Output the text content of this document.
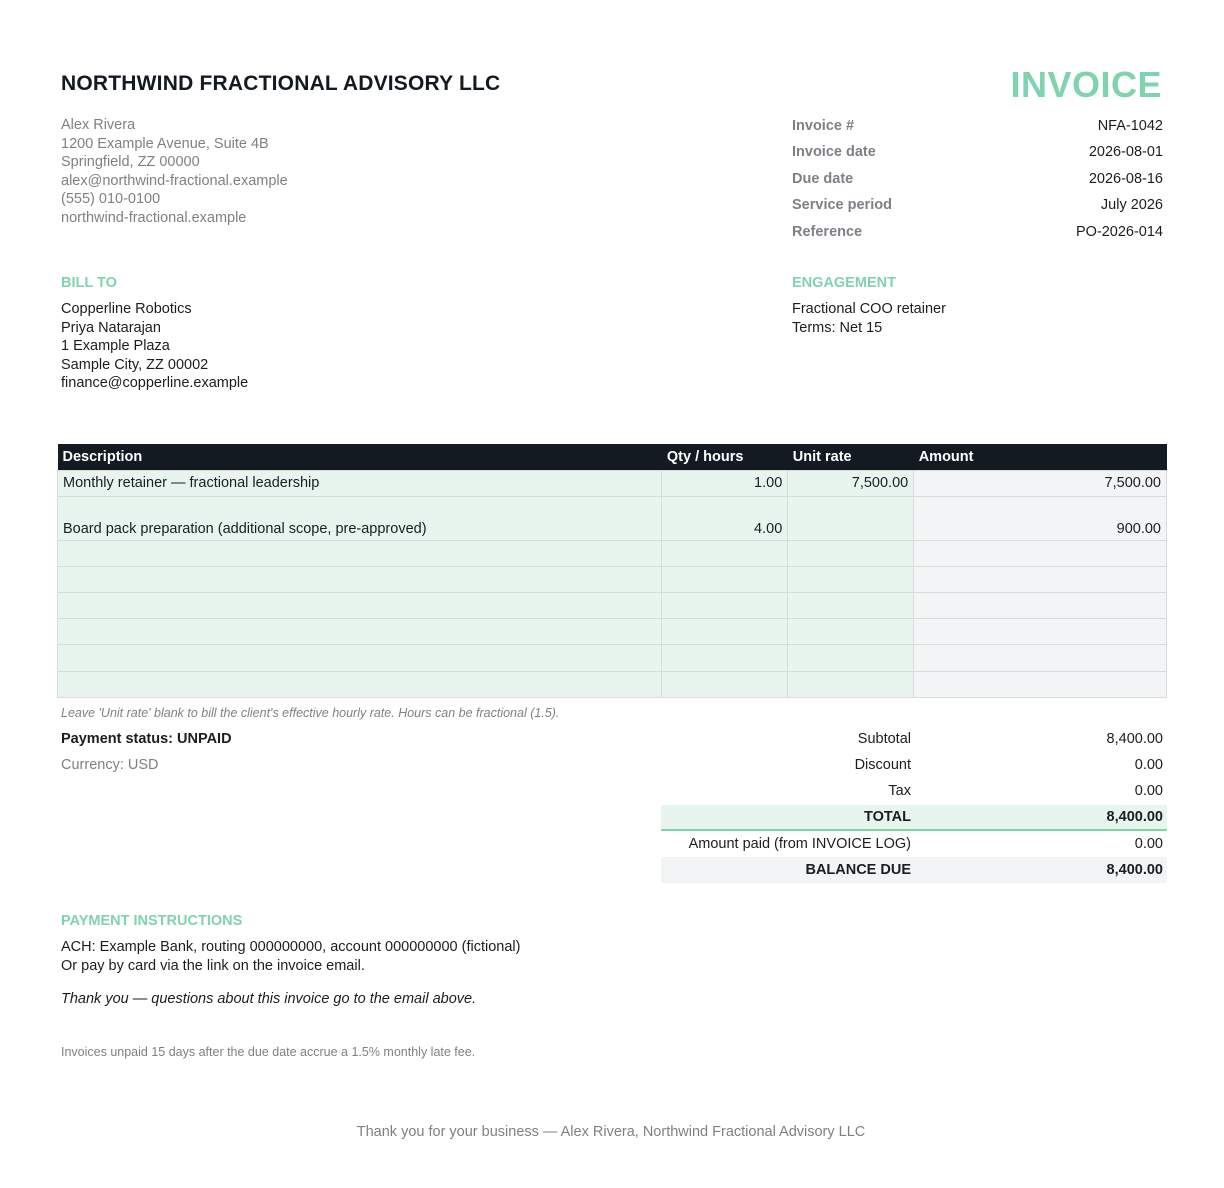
NORTHWIND FRACTIONAL ADVISORY LLC	INVOICE
Alex Rivera
1200 Example Avenue, Suite 4B
Springfield, ZZ 00000
alex@northwind-fractional.example
(555) 010-0100
northwind-fractional.example
Invoice #	NFA-1042
Invoice date	2026-08-01
Due date	2026-08-16
Service period	July 2026
Reference	PO-2026-014
BILL TO
Copperline Robotics
Priya Natarajan
1 Example Plaza
Sample City, ZZ 00002
finance@copperline.example
ENGAGEMENT
Fractional COO retainer
Terms: Net 15
Description	Qty / hours	Unit rate	Amount
Monthly retainer — fractional leadership	1.00	7,500.00	7,500.00
Board pack preparation (additional scope, pre-approved)	4.00		900.00

Leave 'Unit rate' blank to bill the client's effective hourly rate. Hours can be fractional (1.5).
Payment status: UNPAID
Currency: USD
Subtotal	8,400.00
Discount	0.00
Tax	0.00
TOTAL	8,400.00
Amount paid (from INVOICE LOG)	0.00
BALANCE DUE	8,400.00
PAYMENT INSTRUCTIONS
ACH: Example Bank, routing 000000000, account 000000000 (fictional)
Or pay by card via the link on the invoice email.
Thank you — questions about this invoice go to the email above.
Invoices unpaid 15 days after the due date accrue a 1.5% monthly late fee.
Thank you for your business — Alex Rivera, Northwind Fractional Advisory LLC
